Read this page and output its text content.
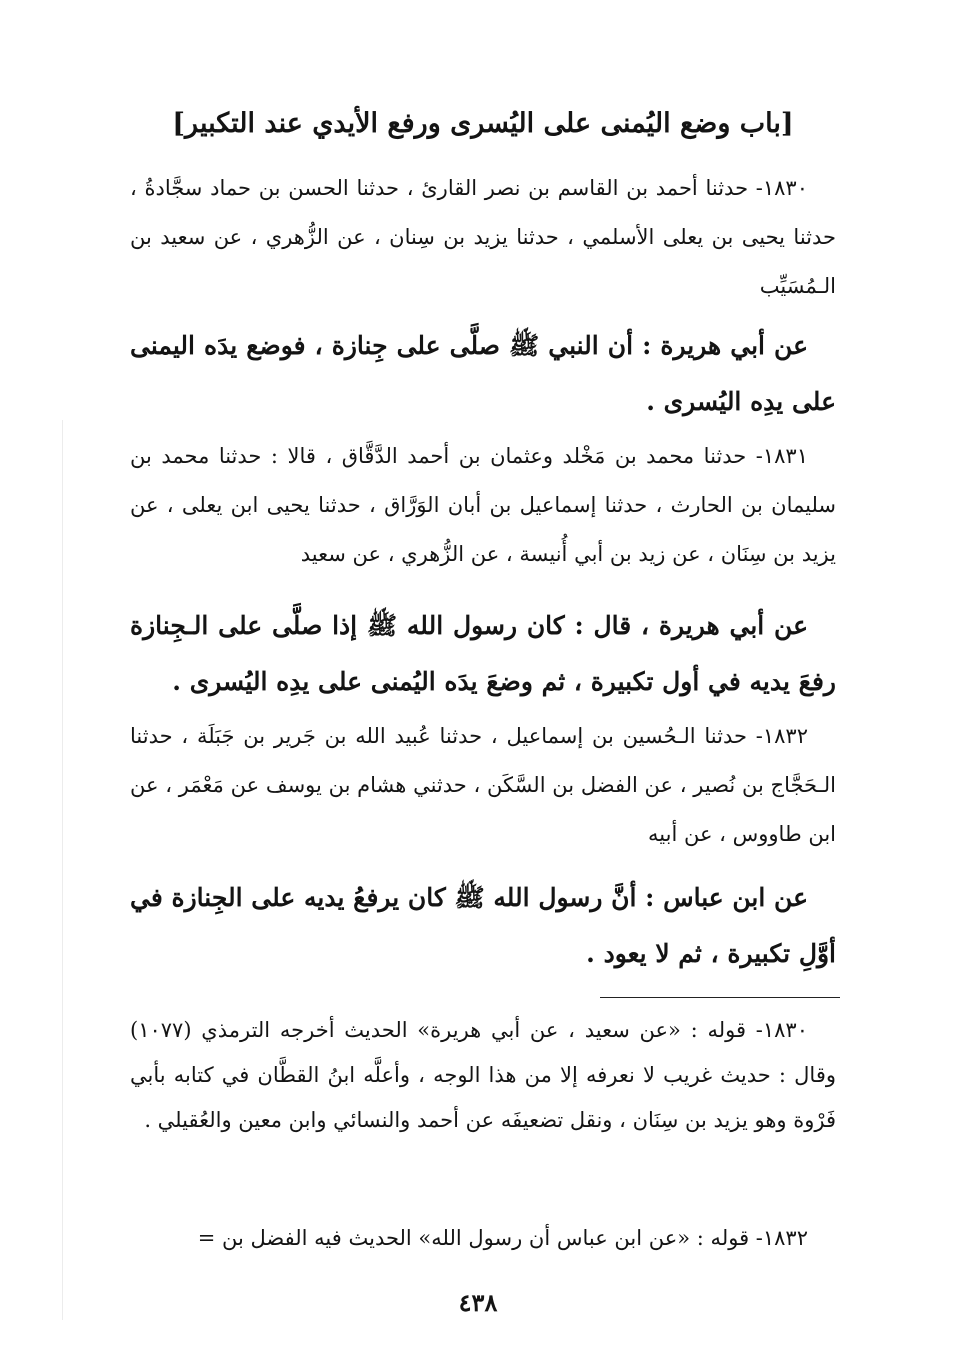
[باب وضع اليُمنى على اليُسرى ورفع الأيدي عند التكبير]

١٨٣٠- حدثنا أحمد بن القاسم بن نصر القارئ ، حدثنا الحسن بن حماد سجَّادةُ ، حدثنا يحيى بن يعلى الأسلمي ، حدثنا يزيد بن سِنان ، عن الزُّهري ، عن سعيد بن الـمُسَيِّب

عن أبي هريرة : أن النبي ﷺ صلَّى على جِنازة ، فوضع يدَه اليمنى على يدِه اليُسرى .

١٨٣١- حدثنا محمد بن مَخْلد وعثمان بن أحمد الدَّقَّاق ، قالا : حدثنا محمد بن سليمان بن الحارث ، حدثنا إسماعيل بن أبان الوَرَّاق ، حدثنا يحيى ابن يعلى ، عن يزيد بن سِنَان ، عن زيد بن أبي أُنيسة ، عن الزُّهري ، عن سعيد

عن أبي هريرة ، قال : كان رسول الله ﷺ إذا صلَّى على الـجِنازة رفعَ يديه في أول تكبيرة ، ثم وضعَ يدَه اليُمنى على يدِه اليُسرى .

١٨٣٢- حدثنا الـحُسين بن إسماعيل ، حدثنا عُبيد الله بن جَرير بن جَبَلَة ، حدثنا الـحَجَّاج بن نُصير ، عن الفضل بن السَّكَن ، حدثني هشام بن يوسف عن مَعْمَر ، عن ابن طاووس ، عن أبيه

عن ابن عباس : أنَّ رسول الله ﷺ كان يرفعُ يديه على الجِنازة في أوَّلِ تكبيرة ، ثم لا يعود .

١٨٣٠- قوله : «عن سعيد ، عن أبي هريرة» الحديث أخرجه الترمذي (١٠٧٧) وقال : حديث غريب لا نعرفه إلا من هذا الوجه ، وأعلَّه ابنُ القطَّان في كتابه بأبي فَرْوة وهو يزيد بن سِنَان ، ونقل تضعيفَه عن أحمد والنسائي وابن معين والعُقيلي .

١٨٣٢- قوله : «عن ابن عباس أن رسول الله» الحديث فيه الفضل بن =

٤٣٨
